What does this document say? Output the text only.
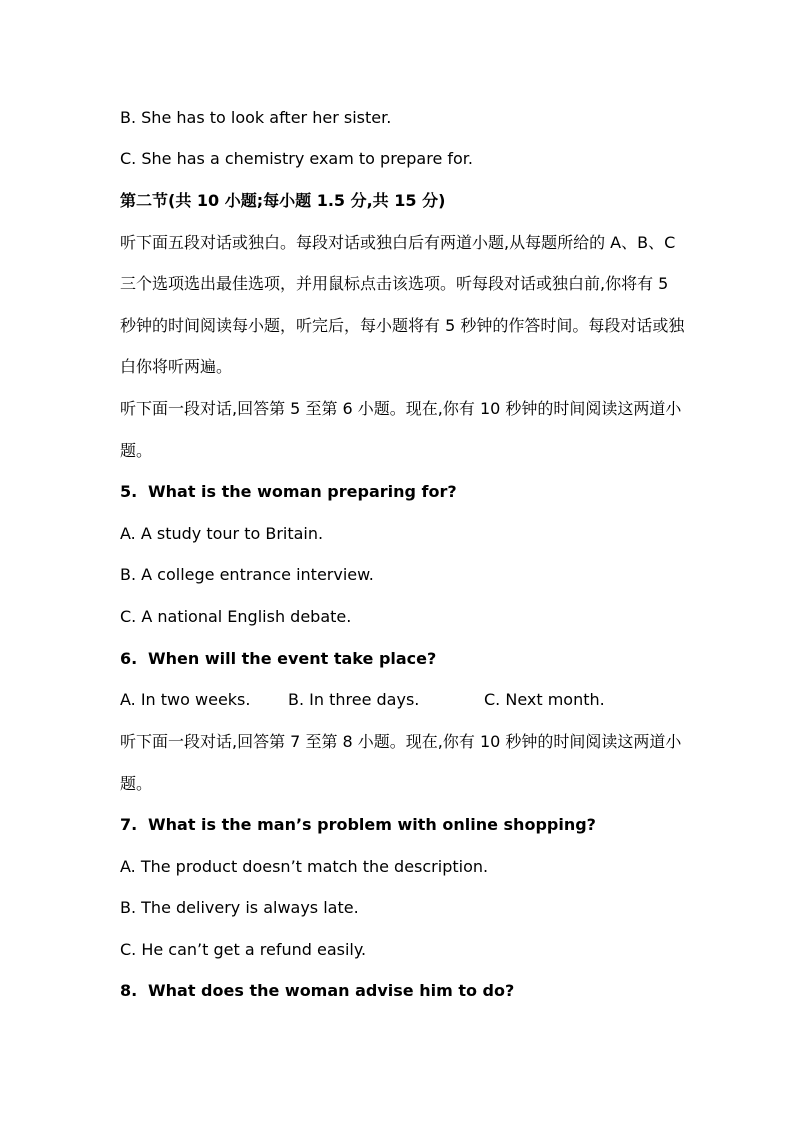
B. She has to look after her sister.

C. She has a chemistry exam to prepare for.

第二节(共 10 小题;每小题 1.5 分,共 15 分)

听下面五段对话或独白。每段对话或独白后有两道小题,从每题所给的 A、B、C

三个选项选出最佳选项，并用鼠标点击该选项。听每段对话或独白前,你将有 5

秒钟的时间阅读每小题，听完后，每小题将有 5 秒钟的作答时间。每段对话或独

白你将听两遍。

听下面一段对话,回答第 5 至第 6 小题。现在,你有 10 秒钟的时间阅读这两道小

题。

5. What is the woman preparing for?

A. A study tour to Britain.

B. A college entrance interview.

C. A national English debate.

6. When will the event take place?

A. In two weeks. B. In three days.	C. Next month.

听下面一段对话,回答第 7 至第 8 小题。现在,你有 10 秒钟的时间阅读这两道小

题。

7. What is the man’s problem with online shopping?

A. The product doesn’t match the description.

B. The delivery is always late.

C. He can’t get a refund easily.

8. What does the woman advise him to do?
